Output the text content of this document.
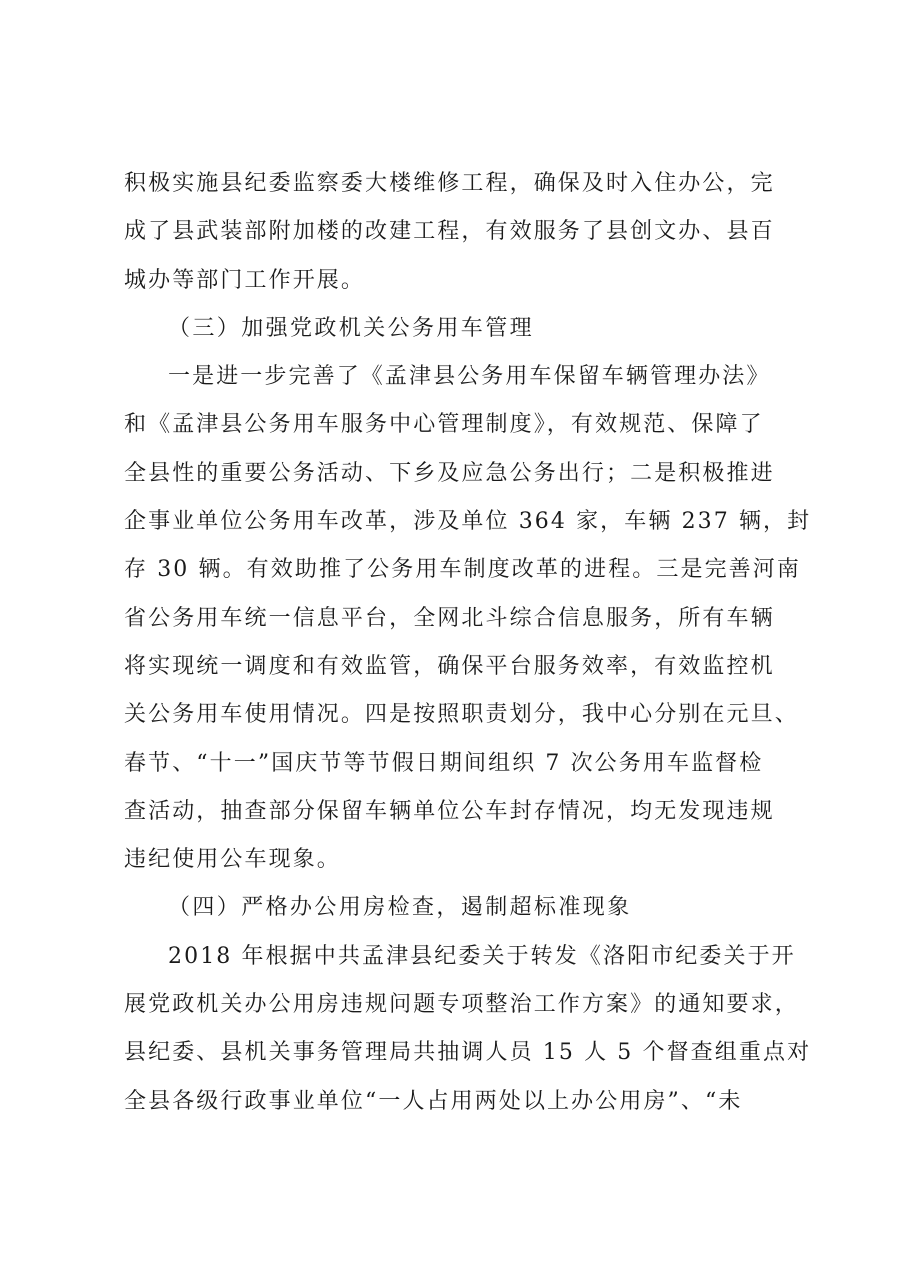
积极实施县纪委监察委大楼维修工程，确保及时入住办公，完
成了县武装部附加楼的改建工程，有效服务了县创文办、县百
城办等部门工作开展。
（三）加强党政机关公务用车管理
一是进一步完善了《孟津县公务用车保留车辆管理办法》
和《孟津县公务用车服务中心管理制度》，有效规范、保障了
全县性的重要公务活动、下乡及应急公务出行；二是积极推进
企事业单位公务用车改革，涉及单位 364 家，车辆 237 辆，封
存 30 辆。有效助推了公务用车制度改革的进程。三是完善河南
省公务用车统一信息平台，全网北斗综合信息服务，所有车辆
将实现统一调度和有效监管，确保平台服务效率，有效监控机
关公务用车使用情况。四是按照职责划分，我中心分别在元旦、
春节、“十一”国庆节等节假日期间组织 7 次公务用车监督检
查活动，抽查部分保留车辆单位公车封存情况，均无发现违规
违纪使用公车现象。
（四）严格办公用房检查，遏制超标准现象
2018 年根据中共孟津县纪委关于转发《洛阳市纪委关于开
展党政机关办公用房违规问题专项整治工作方案》的通知要求，
县纪委、县机关事务管理局共抽调人员 15 人 5 个督查组重点对
全县各级行政事业单位“一人占用两处以上办公用房”、“未
